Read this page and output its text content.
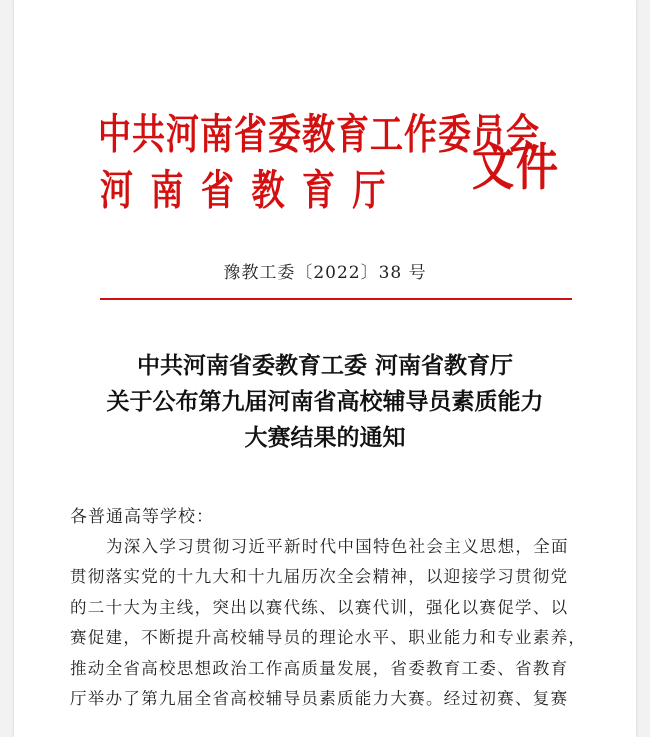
中共河南省委教育工作委员会
河南省教育厅 文件
豫教工委〔2022〕38 号
中共河南省委教育工委 河南省教育厅
关于公布第九届河南省高校辅导员素质能力
大赛结果的通知
各普通高等学校：
为深入学习贯彻习近平新时代中国特色社会主义思想，全面
贯彻落实党的十九大和十九届历次全会精神，以迎接学习贯彻党
的二十大为主线，突出以赛代练、以赛代训，强化以赛促学、以
赛促建，不断提升高校辅导员的理论水平、职业能力和专业素养，
推动全省高校思想政治工作高质量发展，省委教育工委、省教育
厅举办了第九届全省高校辅导员素质能力大赛。经过初赛、复赛
